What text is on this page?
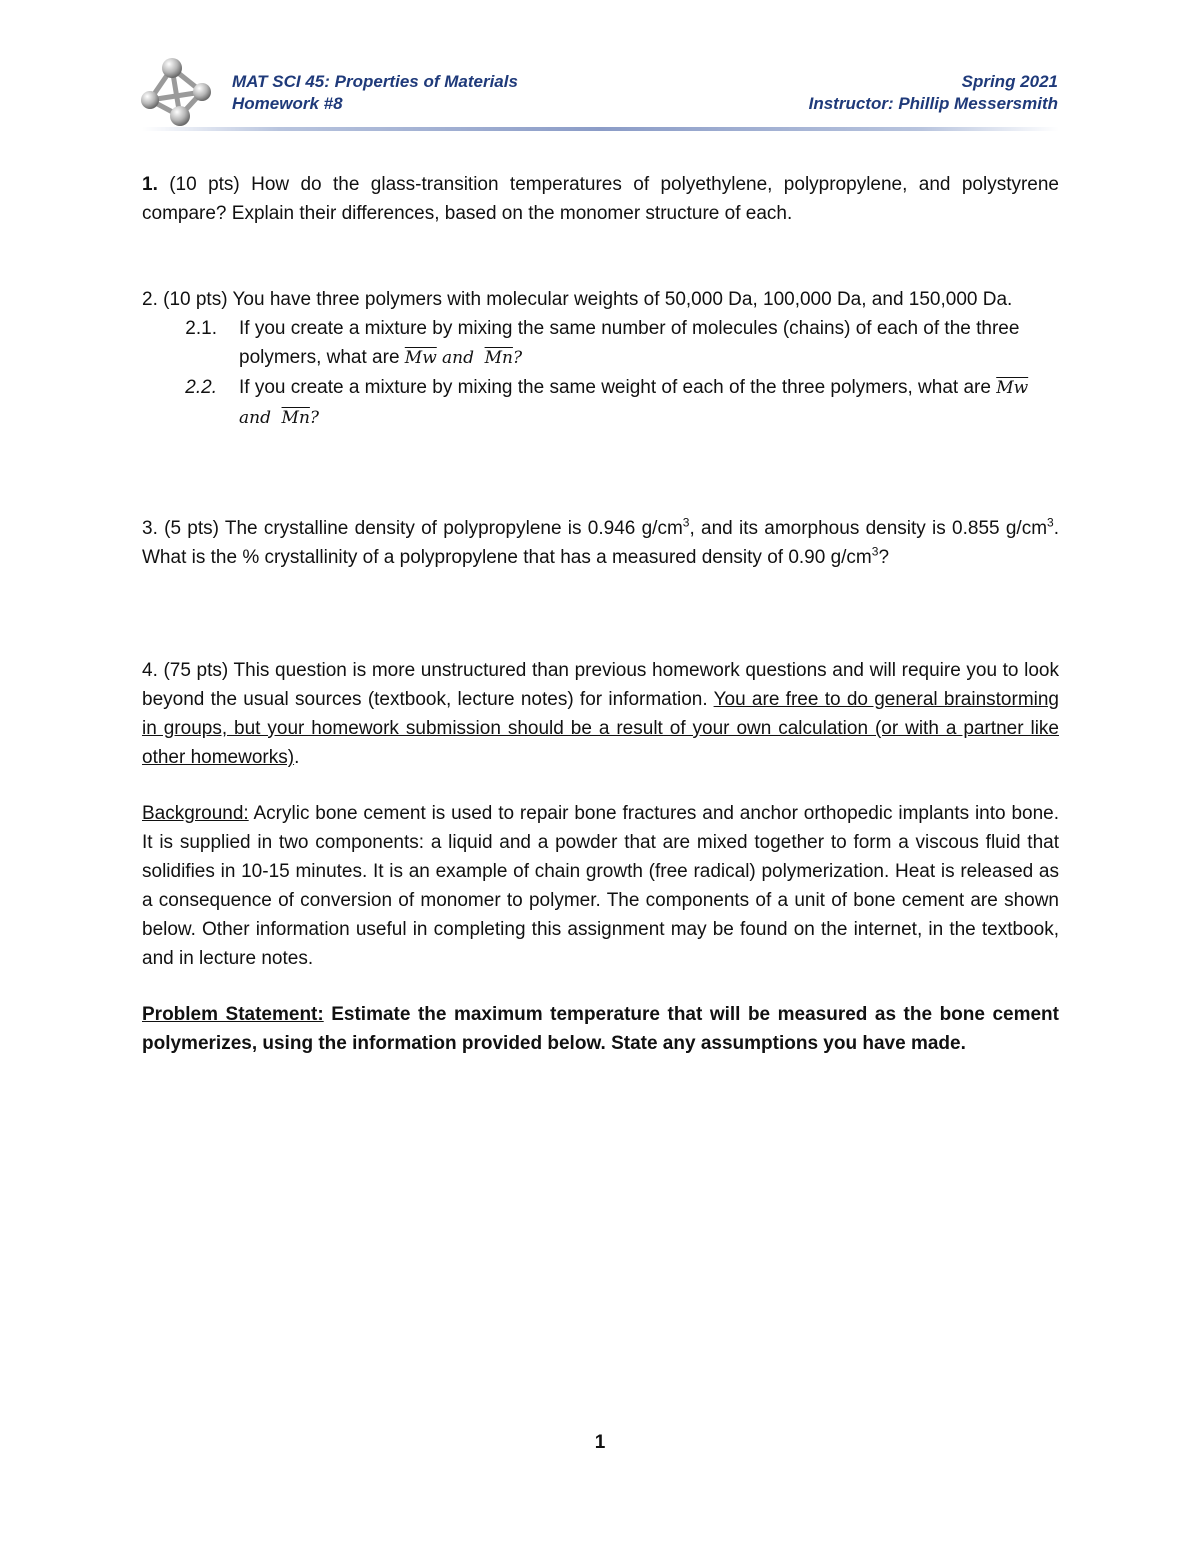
MAT SCI 45: Properties of Materials
Homework #8
Spring 2021
Instructor: Phillip Messersmith

1. (10 pts) How do the glass-transition temperatures of polyethylene, polypropylene, and polystyrene compare? Explain their differences, based on the monomer structure of each.

2. (10 pts) You have three polymers with molecular weights of 50,000 Da, 100,000 Da, and 150,000 Da.

2.1.	If you create a mixture by mixing the same number of molecules (chains) of each of the three polymers, what are $\overline{Mw}$ and $\overline{Mn}$?
2.2.	If you create a mixture by mixing the same weight of each of the three polymers, what are $\overline{Mw}$ and $\overline{Mn}$?

3. (5 pts) The crystalline density of polypropylene is 0.946 $g/cm^3$, and its amorphous density is 0.855 $g/cm^3$. What is the % crystallinity of a polypropylene that has a measured density of 0.90 $g/cm^3$?

4. (75 pts) This question is more unstructured than previous homework questions and will require you to look beyond the usual sources (textbook, lecture notes) for information. You are free to do general brainstorming in groups, but your homework submission should be a result of your own calculation (or with a partner like other homeworks).

Background: Acrylic bone cement is used to repair bone fractures and anchor orthopedic implants into bone. It is supplied in two components: a liquid and a powder that are mixed together to form a viscous fluid that solidifies in 10-15 minutes. It is an example of chain growth (free radical) polymerization. Heat is released as a consequence of conversion of monomer to polymer. The components of a unit of bone cement are shown below. Other information useful in completing this assignment may be found on the internet, in the textbook, and in lecture notes.

Problem Statement: Estimate the maximum temperature that will be measured as the bone cement polymerizes, using the information provided below. State any assumptions you have made.

1
